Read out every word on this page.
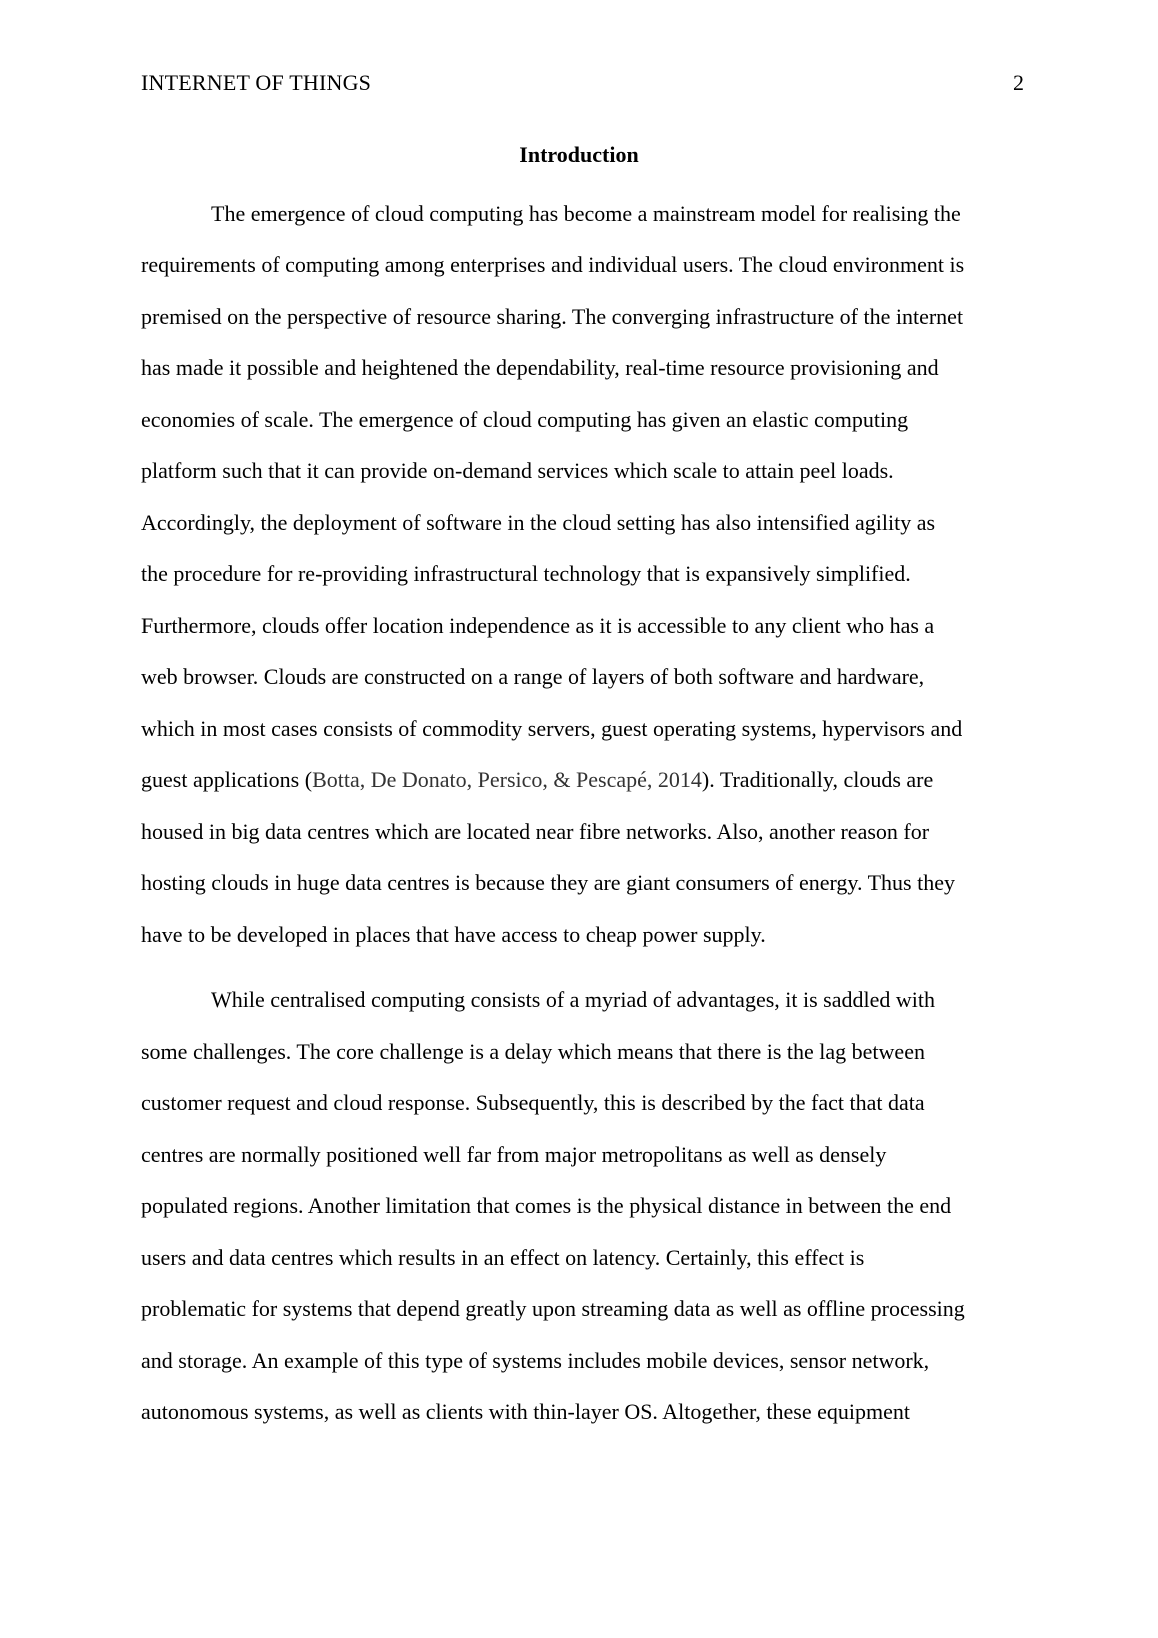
INTERNET OF THINGS	2
Introduction
The emergence of cloud computing has become a mainstream model for realising the
requirements of computing among enterprises and individual users. The cloud environment is
premised on the perspective of resource sharing. The converging infrastructure of the internet
has made it possible and heightened the dependability, real-time resource provisioning and
economies of scale. The emergence of cloud computing has given an elastic computing
platform such that it can provide on-demand services which scale to attain peel loads.
Accordingly, the deployment of software in the cloud setting has also intensified agility as
the procedure for re-providing infrastructural technology that is expansively simplified.
Furthermore, clouds offer location independence as it is accessible to any client who has a
web browser. Clouds are constructed on a range of layers of both software and hardware,
which in most cases consists of commodity servers, guest operating systems, hypervisors and
guest applications (Botta, De Donato, Persico, & Pescapé, 2014). Traditionally, clouds are
housed in big data centres which are located near fibre networks. Also, another reason for
hosting clouds in huge data centres is because they are giant consumers of energy. Thus they
have to be developed in places that have access to cheap power supply.
While centralised computing consists of a myriad of advantages, it is saddled with
some challenges. The core challenge is a delay which means that there is the lag between
customer request and cloud response. Subsequently, this is described by the fact that data
centres are normally positioned well far from major metropolitans as well as densely
populated regions. Another limitation that comes is the physical distance in between the end
users and data centres which results in an effect on latency. Certainly, this effect is
problematic for systems that depend greatly upon streaming data as well as offline processing
and storage. An example of this type of systems includes mobile devices, sensor network,
autonomous systems, as well as clients with thin-layer OS. Altogether, these equipment
